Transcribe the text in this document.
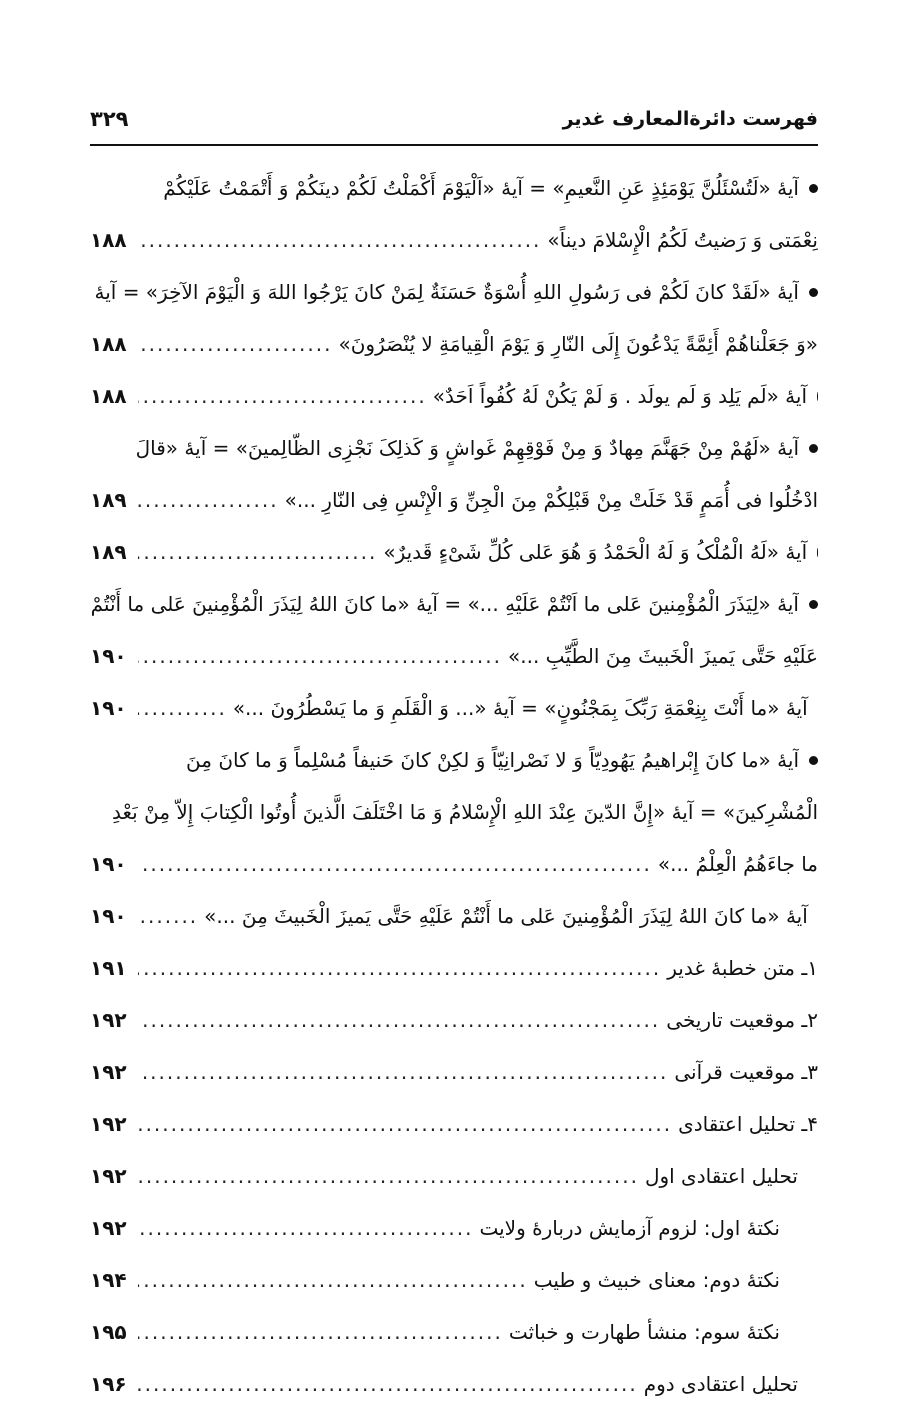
فهرست دائرةالمعارف غدیر
۳۲۹
آیهٔ «لَتُسْئَلُنَّ یَوْمَئِذٍ عَنِ النَّعیمِ» = آیهٔ «اَلْیَوْمَ أَکْمَلْتُ لَکُمْ دینَکُمْ وَ أَتْمَمْتُ عَلَیْکُمْ
نِعْمَتی وَ رَضیتُ لَکُمُ الْإِسْلامَ دیناً»
.....
۱۸۸
آیهٔ «لَقَدْ کانَ لَکُمْ فی رَسُولِ اللهِ أُسْوَةٌ حَسَنَةٌ لِمَنْ کانَ یَرْجُوا اللهَ وَ الْیَوْمَ الآخِرَ» = آیهٔ
«وَ جَعَلْناهُمْ أَئِمَّةً یَدْعُونَ إِلَى النّارِ وَ یَوْمَ الْقِیامَةِ لا یُنْصَرُونَ»
.....
۱۸۸
آیهٔ «لَم یَلِد وَ لَم یولَد . وَ لَمْ یَکُنْ لَهُ کُفُواً اَحَدٌ»
.....
۱۸۸
آیهٔ «لَهُمْ مِنْ جَهَنَّمَ مِهادٌ وَ مِنْ فَوْقِهِمْ غَواشٍ وَ کَذلِکَ نَجْزِی الظّالِمینَ» = آیهٔ «قالَ
ادْخُلُوا فی أُمَمٍ قَدْ خَلَتْ مِنْ قَبْلِکُمْ مِنَ الْجِنِّ وَ الْإِنْسِ فِی النّارِ ...»
.....
۱۸۹
آیهٔ «لَهُ الْمُلْکُ وَ لَهُ الْحَمْدُ وَ هُوَ عَلى کُلِّ شَیْءٍ قَدیرٌ»
.....
۱۸۹
آیهٔ «لِیَذَرَ الْمُؤْمِنینَ عَلى ما اَنْتُمْ عَلَیْهِ ...» = آیهٔ «ما کانَ اللهُ لِیَذَرَ الْمُؤْمِنینَ عَلى ما أَنْتُمْ
عَلَیْهِ حَتَّى یَمیزَ الْخَبیثَ مِنَ الطَّیِّبِ ...»
.....
۱۹۰
آیهٔ «ما أَنْتَ بِنِعْمَةِ رَبِّکَ بِمَجْنُونٍ» = آیهٔ «... وَ الْقَلَمِ وَ ما یَسْطُرُونَ ...»
.....
۱۹۰
آیهٔ «ما کانَ إِبْراهیمُ یَهُودِیّاً وَ لا نَصْرانِیّاً وَ لکِنْ کانَ حَنیفاً مُسْلِماً وَ ما کانَ مِنَ
الْمُشْرِکینَ» = آیهٔ «إِنَّ الدّینَ عِنْدَ اللهِ الْإِسْلامُ وَ مَا اخْتَلَفَ الَّذینَ أُوتُوا الْکِتابَ إِلاّ مِنْ بَعْدِ
ما جاءَهُمُ الْعِلْمُ ...»
.....
۱۹۰
آیهٔ «ما کانَ اللهُ لِیَذَرَ الْمُؤْمِنینَ عَلى ما أَنْتُمْ عَلَیْهِ حَتَّى یَمیزَ الْخَبیثَ مِنَ ...»
.....
۱۹۰
۱ـ متن خطبهٔ غدیر
.....
۱۹۱
۲ـ موقعیت تاریخی
.....
۱۹۲
۳ـ موقعیت قرآنی
.....
۱۹۲
۴ـ تحلیل اعتقادی
.....
۱۹۲
تحلیل اعتقادی اول
.....
۱۹۲
نکتهٔ اول: لزوم آزمایش دربارهٔ ولایت
.....
۱۹۲
نکتهٔ دوم: معنای خبیث و طیب
.....
۱۹۴
نکتهٔ سوم: منشأ طهارت و خباثت
.....
۱۹۵
تحلیل اعتقادی دوم
.....
۱۹۶
